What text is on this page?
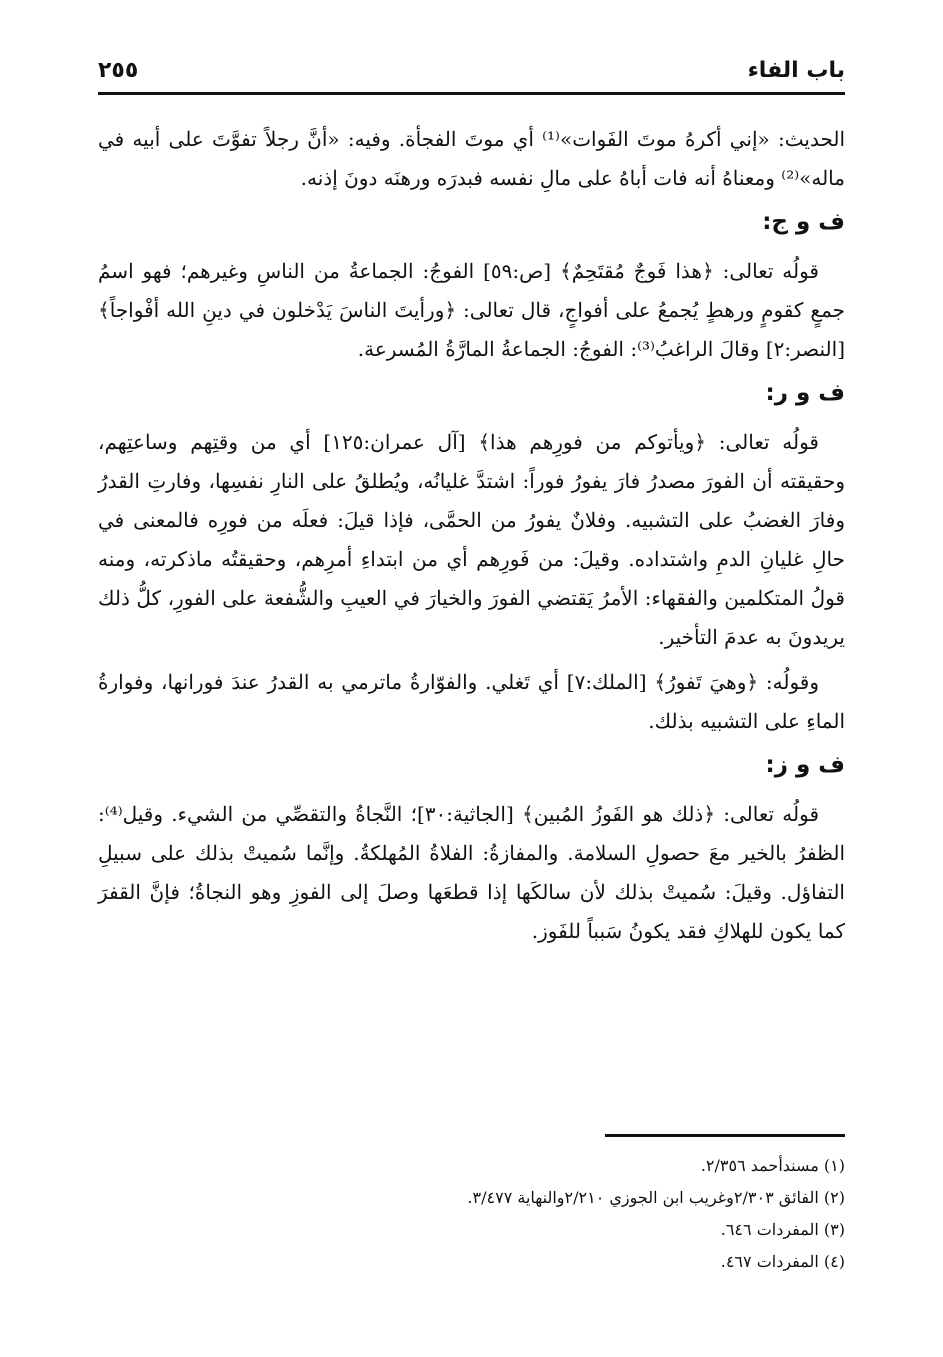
باب الفاء
٢٥٥

الحديث: «إني أكرهُ موتَ الفَوات»⁽¹⁾ أي موتَ الفجأة. وفيه: «أنَّ رجلاً تفوَّتَ على أبيه في ماله»⁽²⁾ ومعناهُ أنه فات أباهُ على مالِ نفسه فبدرَه ورهنَه دونَ إذنه.

ف و ج:

قولُه تعالى: ﴿هذا فَوجٌ مُقتَحِمٌ﴾ [ص:٥٩] الفوجُ: الجماعةُ من الناسِ وغيرهم؛ فهو اسمُ جمعٍ كقومٍ ورهطٍ يُجمعُ على أفواجٍ، قال تعالى: ﴿ورأيتَ الناسَ يَدْخلون في دينِ الله أفْواجاً﴾ [النصر:٢] وقالَ الراغبُ⁽³⁾: الفوجُ: الجماعةُ المارَّةُ المُسرعة.

ف و ر:

قولُه تعالى: ﴿ويأتوكم من فورِهم هذا﴾ [آل عمران:١٢٥] أي من وقتِهم وساعتِهم، وحقيقته أن الفورَ مصدرُ فارَ يفورُ فوراً: اشتدَّ غليانُه، ويُطلقُ على النارِ نفسِها، وفارتِ القدرُ وفارَ الغضبُ على التشبيه. وفلانٌ يفورُ من الحمَّى، فإذا قيلَ: فعلَه من فورِه فالمعنى في حالِ غليانِ الدمِ واشتداده. وقيلَ: من فَورِهم أي من ابتداءِ أمرِهم، وحقيقتُه ماذكرته، ومنه قولُ المتكلمين والفقهاء: الأمرُ يَقتضي الفورَ والخيارَ في العيبِ والشُّفعة على الفورِ، كلُّ ذلك يريدونَ به عدمَ التأخير.

وقولُه: ﴿وهيَ تَفورُ﴾ [الملك:٧] أي تَغلي. والفوّارةُ ماترمي به القدرُ عندَ فورانها، وفوارةُ الماءِ على التشبيه بذلك.

ف و ز:

قولُه تعالى: ﴿ذلك هو الفَوزُ المُبين﴾ [الجاثية:٣٠]؛ النَّجاةُ والتقصِّي من الشيء. وقيل⁽⁴⁾: الظفرُ بالخير معَ حصولِ السلامة. والمفازةُ: الفلاةُ المُهلكةُ. وإنَّما سُميتْ بذلك على سبيلِ التفاؤل. وقيلَ: سُميتْ بذلك لأن سالكَها إذا قطعَها وصلَ إلى الفوزِ وهو النجاةُ؛ فإنَّ القفرَ كما يكون للهلاكِ فقد يكونُ سَبباً للفَوز.

(١) مسندأحمد ٢/٣٥٦.

(٢) الفائق ٢/٣٠٣وغريب ابن الجوزي ٢/٢١٠والنهاية ٣/٤٧٧.

(٣) المفردات ٦٤٦.

(٤) المفردات ٤٦٧.
